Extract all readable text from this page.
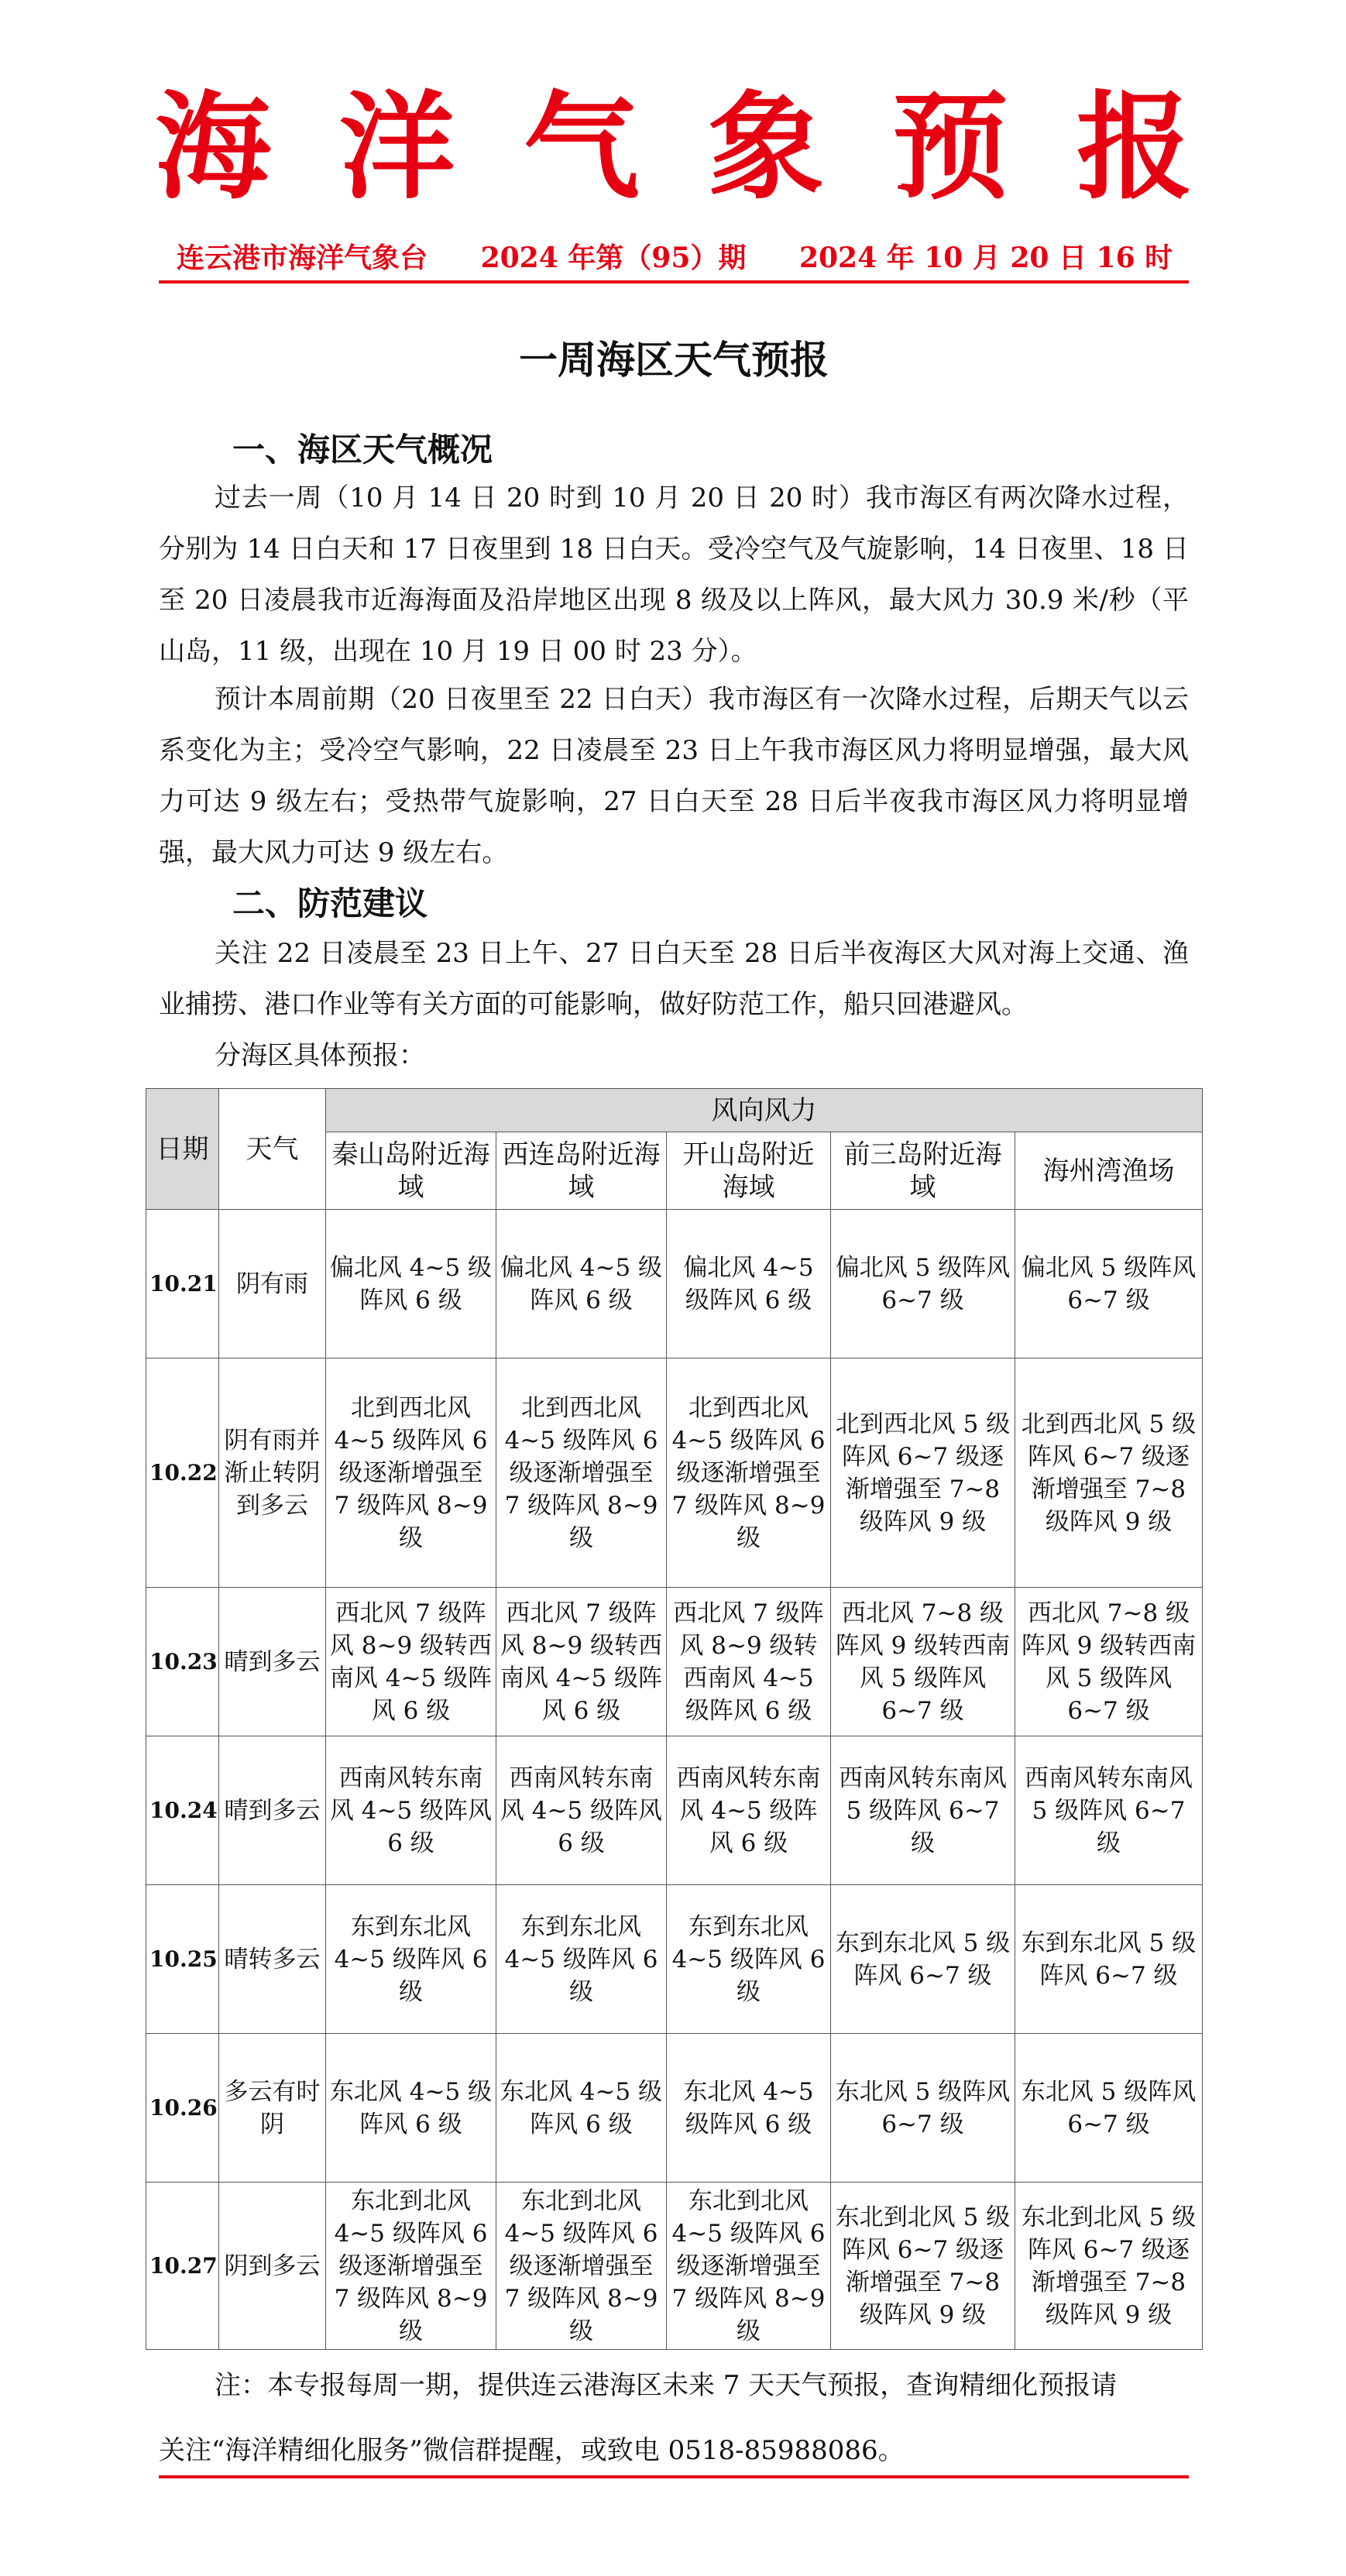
海 洋 气 象 预 报
连云港市海洋气象台 2024 年第（95）期 2024 年 10 月 20 日 16 时
一周海区天气预报
一、海区天气概况
过去一周（10 月 14 日 20 时到 10 月 20 日 20 时）我市海区有两次降水过程，分别为 14 日白天和 17 日夜里到 18 日白天。受冷空气及气旋影响，14 日夜里、18 日至 20 日凌晨我市近海海面及沿岸地区出现 8 级及以上阵风，最大风力 30.9 米/秒（平山岛，11 级，出现在 10 月 19 日 00 时 23 分）。
预计本周前期（20 日夜里至 22 日白天）我市海区有一次降水过程，后期天气以云系变化为主；受冷空气影响，22 日凌晨至 23 日上午我市海区风力将明显增强，最大风力可达 9 级左右；受热带气旋影响，27 日白天至 28 日后半夜我市海区风力将明显增强，最大风力可达 9 级左右。
二、防范建议
关注 22 日凌晨至 23 日上午、27 日白天至 28 日后半夜海区大风对海上交通、渔业捕捞、港口作业等有关方面的可能影响，做好防范工作，船只回港避风。
分海区具体预报：
日期	天气	风向风力				
		秦山岛附近海域	西连岛附近海域	开山岛附近海域	前三岛附近海域	海州湾渔场

10.21	阴有雨	偏北风 4~5 级阵风 6 级	偏北风 4~5 级阵风 6 级	偏北风 4~5 级阵风 6 级	偏北风 5 级阵风 6~7 级	偏北风 5 级阵风 6~7 级
10.22	阴有雨并渐止转阴到多云	北到西北风 4~5 级阵风 6 级逐渐增强至 7 级阵风 8~9 级	北到西北风 4~5 级阵风 6 级逐渐增强至 7 级阵风 8~9 级	北到西北风 4~5 级阵风 6 级逐渐增强至 7 级阵风 8~9 级	北到西北风 5 级阵风 6~7 级逐渐增强至 7~8 级阵风 9 级	北到西北风 5 级阵风 6~7 级逐渐增强至 7~8 级阵风 9 级
10.23	晴到多云	西北风 7 级阵风 8~9 级转西南风 4~5 级阵风 6 级	西北风 7 级阵风 8~9 级转西南风 4~5 级阵风 6 级	西北风 7 级阵风 8~9 级转西南风 4~5 级阵风 6 级	西北风 7~8 级阵风 9 级转西南风 5 级阵风 6~7 级	西北风 7~8 级阵风 9 级转西南风 5 级阵风 6~7 级
10.24	晴到多云	西南风转东南风 4~5 级阵风 6 级	西南风转东南风 4~5 级阵风 6 级	西南风转东南风 4~5 级阵风 6 级	西南风转东南风 5 级阵风 6~7 级	西南风转东南风 5 级阵风 6~7 级
10.25	晴转多云	东到东北风 4~5 级阵风 6 级	东到东北风 4~5 级阵风 6 级	东到东北风 4~5 级阵风 6 级	东到东北风 5 级阵风 6~7 级	东到东北风 5 级阵风 6~7 级
10.26	多云有时阴	东北风 4~5 级阵风 6 级	东北风 4~5 级阵风 6 级	东北风 4~5 级阵风 6 级	东北风 5 级阵风 6~7 级	东北风 5 级阵风 6~7 级
10.27	阴到多云	东北到北风 4~5 级阵风 6 级逐渐增强至 7 级阵风 8~9 级	东北到北风 4~5 级阵风 6 级逐渐增强至 7 级阵风 8~9 级	东北到北风 4~5 级阵风 6 级逐渐增强至 7 级阵风 8~9 级	东北到北风 5 级阵风 6~7 级逐渐增强至 7~8 级阵风 9 级	东北到北风 5 级阵风 6~7 级逐渐增强至 7~8 级阵风 9 级
注：本专报每周一期，提供连云港海区未来 7 天天气预报，查询精细化预报请
关注“海洋精细化服务”微信群提醒，或致电 0518-85988086。
